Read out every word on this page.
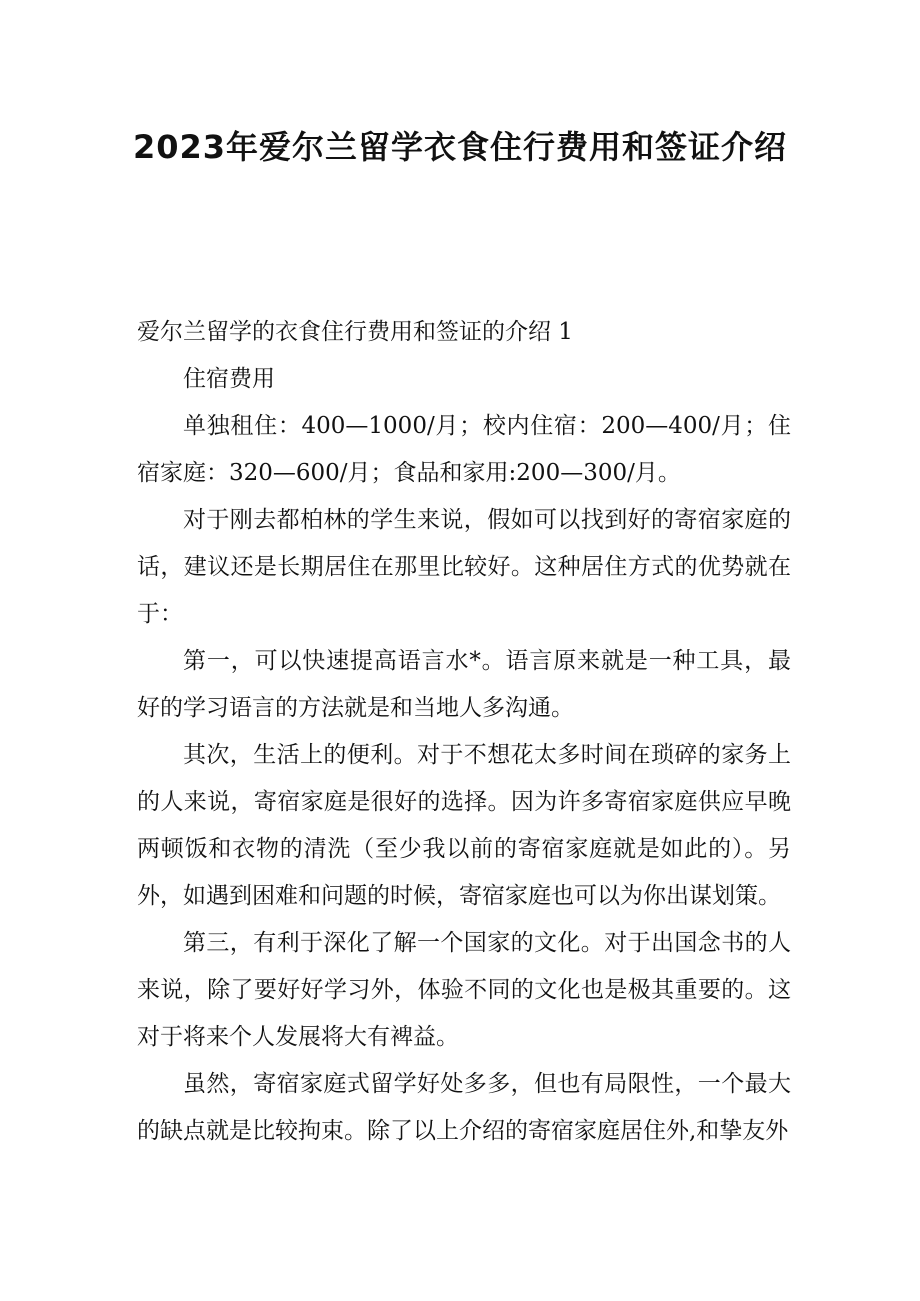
2023年爱尔兰留学衣食住行费用和签证介绍
爱尔兰留学的衣食住行费用和签证的介绍 1
住宿费用
单独租住：400—1000/月；校内住宿：200—400/月；住宿家庭：320—600/月；食品和家用:200—300/月。
对于刚去都柏林的学生来说，假如可以找到好的寄宿家庭的话，建议还是长期居住在那里比较好。这种居住方式的优势就在于：
第一，可以快速提高语言水*。语言原来就是一种工具，最好的学习语言的方法就是和当地人多沟通。
其次，生活上的便利。对于不想花太多时间在琐碎的家务上的人来说，寄宿家庭是很好的选择。因为许多寄宿家庭供应早晚两顿饭和衣物的清洗（至少我以前的寄宿家庭就是如此的）。另外，如遇到困难和问题的时候，寄宿家庭也可以为你出谋划策。
第三，有利于深化了解一个国家的文化。对于出国念书的人来说，除了要好好学习外，体验不同的文化也是极其重要的。这对于将来个人发展将大有裨益。
虽然，寄宿家庭式留学好处多多，但也有局限性，一个最大的缺点就是比较拘束。除了以上介绍的寄宿家庭居住外,和挚友外
